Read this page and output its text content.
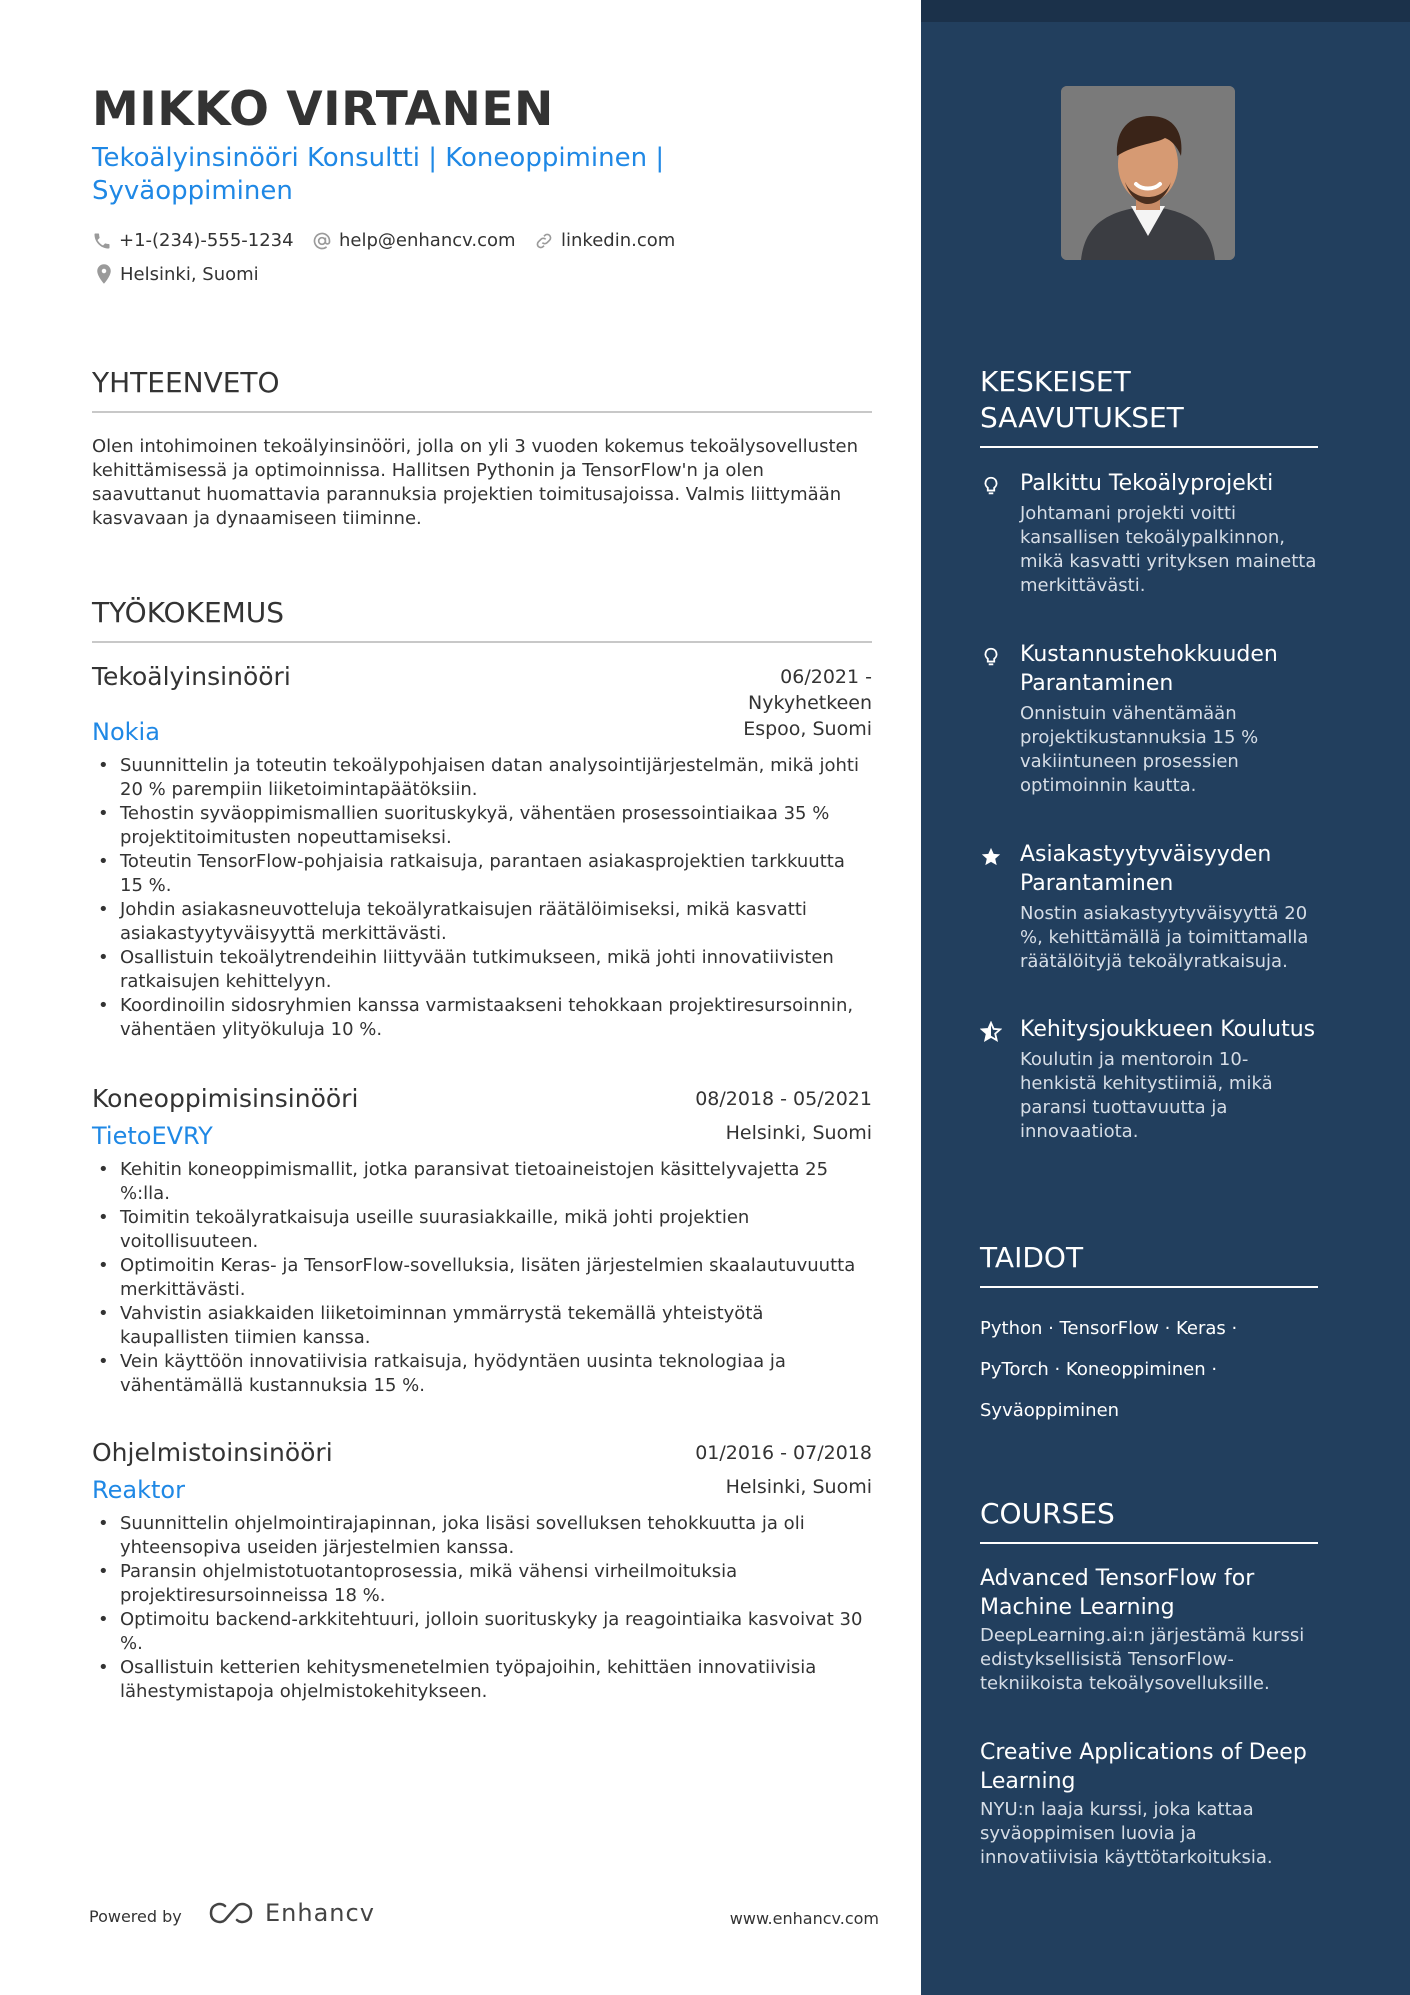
MIKKO VIRTANEN
Tekoälyinsinööri Konsultti | Koneoppiminen |
Syväoppiminen
+1-(234)-555-1234	help@enhancv.com	linkedin.com
Helsinki, Suomi
YHTEENVETO
Olen intohimoinen tekoälyinsinööri, jolla on yli 3 vuoden kokemus tekoälysovellusten kehittämisessä ja optimoinnissa. Hallitsen Pythonin ja TensorFlow'n ja olen saavuttanut huomattavia parannuksia projektien toimitusajoissa. Valmis liittymään kasvavaan ja dynaamiseen tiiminne.
TYÖKOKEMUS
Tekoälyinsinööri	06/2021 -
Nykyhetkeen
Nokia	Espoo, Suomi
• Suunnittelin ja toteutin tekoälypohjaisen datan analysointijärjestelmän, mikä johti 20 % parempiin liiketoimintapäätöksiin.
• Tehostin syväoppimismallien suorituskykyä, vähentäen prosessointiaikaa 35 % projektitoimitusten nopeuttamiseksi.
• Toteutin TensorFlow-pohjaisia ratkaisuja, parantaen asiakasprojektien tarkkuutta 15 %.
• Johdin asiakasneuvotteluja tekoälyratkaisujen räätälöimiseksi, mikä kasvatti asiakastyytyväisyyttä merkittävästi.
• Osallistuin tekoälytrendeihin liittyvään tutkimukseen, mikä johti innovatiivisten ratkaisujen kehittelyyn.
• Koordinoilin sidosryhmien kanssa varmistaakseni tehokkaan projektiresursoinnin, vähentäen ylityökuluja 10 %.
Koneoppimisinsinööri	08/2018 - 05/2021
TietoEVRY	Helsinki, Suomi
• Kehitin koneoppimismallit, jotka paransivat tietoaineistojen käsittelyvajetta 25 %:lla.
• Toimitin tekoälyratkaisuja useille suurasiakkaille, mikä johti projektien voitollisuuteen.
• Optimoitin Keras- ja TensorFlow-sovelluksia, lisäten järjestelmien skaalautuvuutta merkittävästi.
• Vahvistin asiakkaiden liiketoiminnan ymmärrystä tekemällä yhteistyötä kaupallisten tiimien kanssa.
• Vein käyttöön innovatiivisia ratkaisuja, hyödyntäen uusinta teknologiaa ja vähentämällä kustannuksia 15 %.
Ohjelmistoinsinööri	01/2016 - 07/2018
Reaktor	Helsinki, Suomi
• Suunnittelin ohjelmointirajapinnan, joka lisäsi sovelluksen tehokkuutta ja oli yhteensopiva useiden järjestelmien kanssa.
• Paransin ohjelmistotuotantoprosessia, mikä vähensi virheilmoituksia projektiresursoinneissa 18 %.
• Optimoitu backend-arkkitehtuuri, jolloin suorituskyky ja reagointiaika kasvoivat 30 %.
• Osallistuin ketterien kehitysmenetelmien työpajoihin, kehittäen innovatiivisia lähestymistapoja ohjelmistokehitykseen.
Powered by	Enhancv	www.enhancv.com
KESKEISET
SAAVUTUKSET
Palkittu Tekoälyprojekti
Johtamani projekti voitti kansallisen tekoälypalkinnon, mikä kasvatti yrityksen mainetta merkittävästi.
Kustannustehokkuuden Parantaminen
Onnistuin vähentämään projektikustannuksia 15 % vakiintuneen prosessien optimoinnin kautta.
Asiakastyytyväisyyden Parantaminen
Nostin asiakastyytyväisyyttä 20 %, kehittämällä ja toimittamalla räätälöityjä tekoälyratkaisuja.
Kehitysjoukkueen Koulutus
Koulutin ja mentoroin 10-henkistä kehitystiimiä, mikä paransi tuottavuutta ja innovaatiota.
TAIDOT
Python · TensorFlow · Keras ·
PyTorch · Koneoppiminen ·
Syväoppiminen
COURSES
Advanced TensorFlow for Machine Learning
DeepLearning.ai:n järjestämä kurssi edistyksellisistä TensorFlow-tekniikoista tekoälysovelluksille.
Creative Applications of Deep Learning
NYU:n laaja kurssi, joka kattaa syväoppimisen luovia ja innovatiivisia käyttötarkoituksia.
